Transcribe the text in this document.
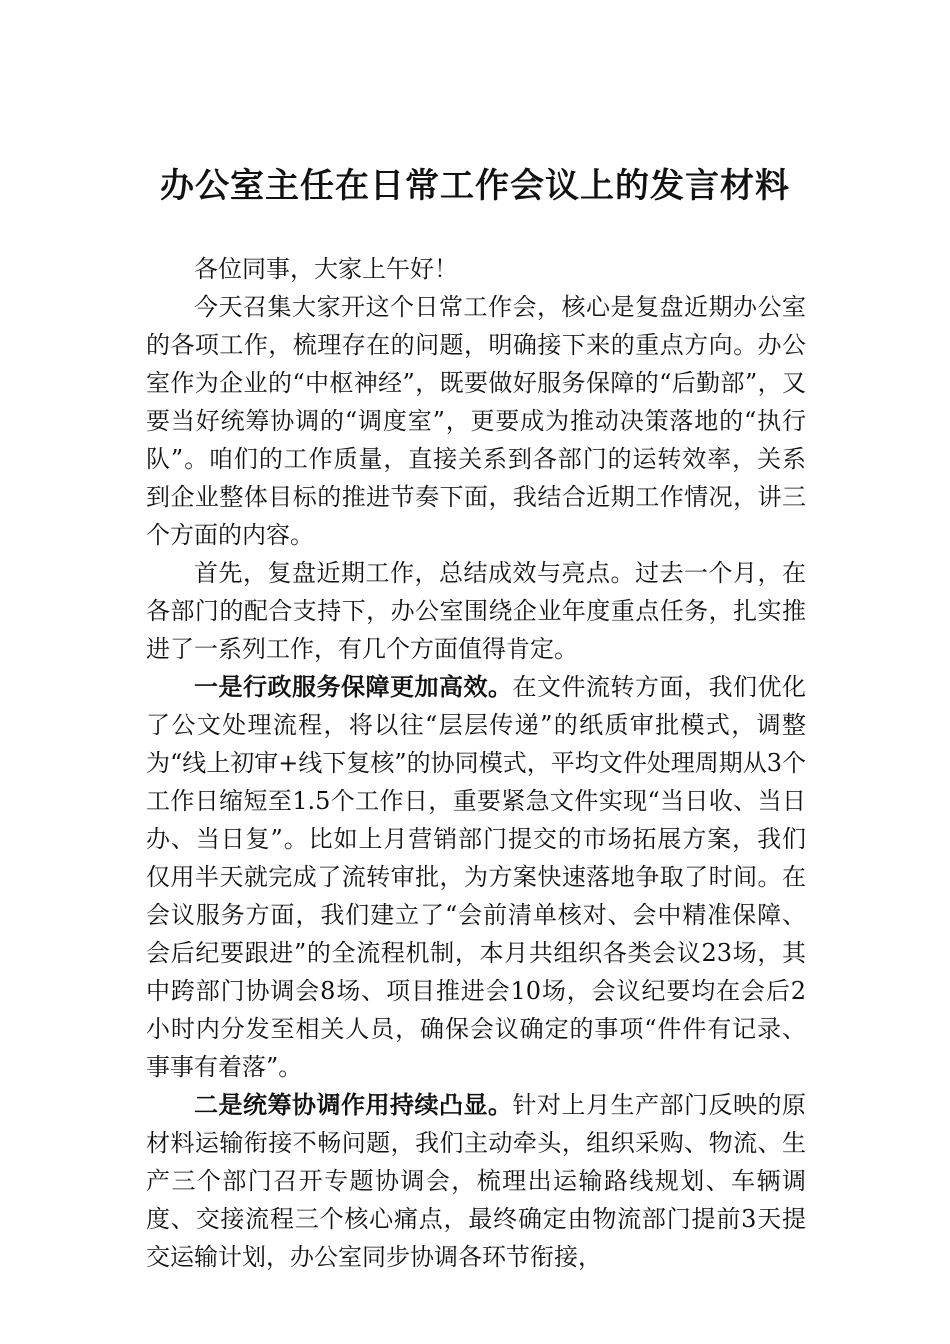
办公室主任在日常工作会议上的发言材料

各位同事，大家上午好！

今天召集大家开这个日常工作会，核心是复盘近期办公室的各项工作，梳理存在的问题，明确接下来的重点方向。办公室作为企业的“中枢神经”，既要做好服务保障的“后勤部”，又要当好统筹协调的“调度室”，更要成为推动决策落地的“执行队”。咱们的工作质量，直接关系到各部门的运转效率，关系到企业整体目标的推进节奏下面，我结合近期工作情况，讲三个方面的内容。

首先，复盘近期工作，总结成效与亮点。过去一个月，在各部门的配合支持下，办公室围绕企业年度重点任务，扎实推进了一系列工作，有几个方面值得肯定。

一是行政服务保障更加高效。在文件流转方面，我们优化了公文处理流程，将以往“层层传递”的纸质审批模式，调整为“线上初审+线下复核”的协同模式，平均文件处理周期从3个工作日缩短至1.5个工作日，重要紧急文件实现“当日收、当日办、当日复”。比如上月营销部门提交的市场拓展方案，我们仅用半天就完成了流转审批，为方案快速落地争取了时间。在会议服务方面，我们建立了“会前清单核对、会中精准保障、会后纪要跟进”的全流程机制，本月共组织各类会议23场，其中跨部门协调会8场、项目推进会10场，会议纪要均在会后2小时内分发至相关人员，确保会议确定的事项“件件有记录、事事有着落”。

二是统筹协调作用持续凸显。针对上月生产部门反映的原材料运输衔接不畅问题，我们主动牵头，组织采购、物流、生产三个部门召开专题协调会，梳理出运输路线规划、车辆调度、交接流程三个核心痛点，最终确定由物流部门提前3天提交运输计划，办公室同步协调各环节衔接，
